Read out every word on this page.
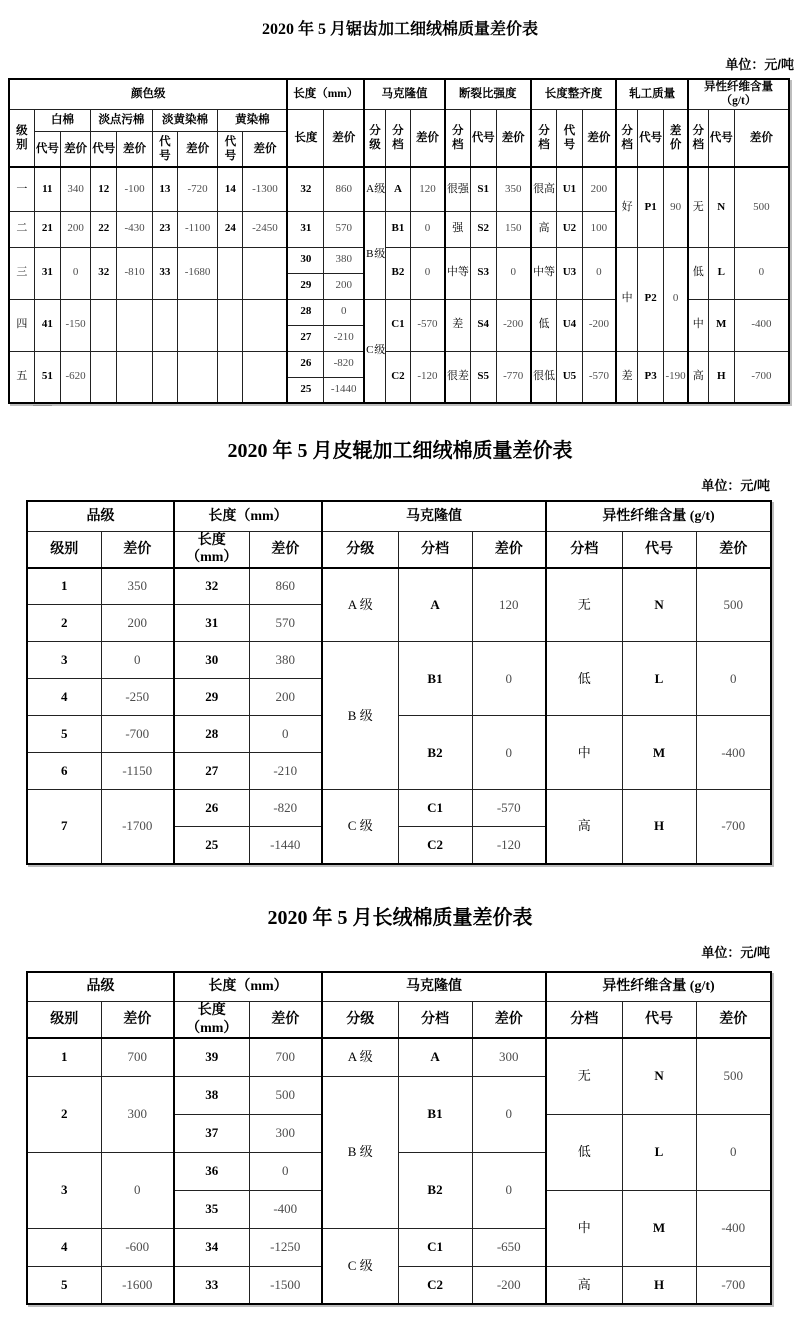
2020 年 5 月锯齿加工细绒棉质量差价表
单位：元/吨
颜色级									长度（mm）		马克隆值			断裂比强度			长度整齐度			轧工质量			异性纤维含量
（g/t）		

级别	白棉		淡点污棉		淡黄染棉		黄染棉		长度	差价	分级	分档	差价	分档	代号	差价	分档	代号	差价	分档	代号	差价	分档	代号	差价
	代号	差价	代号	差价	代号	差价	代号	差价																	
一	11	340	12	-100	13	-720	14	-1300	32	860	A 级	A	120	很强	S1	350	很高	U1	200	好	P1	90	无	N	500
二	21	200	22	-430	23	-1100	24	-2450	31	570	B 级	B1	0	强	S2	150	高	U2	100						
三	31	0	32	-810	33	-1680			30	380		B2	0	中等	S3	0	中等	U3	0	中	P2	0	低	L	0
									29	200															
四	41	-150							28	0	C 级	C1	-570	差	S4	-200	低	U4	-200				中	M	-400
									27	-210															
五	51	-620							26	-820		C2	-120	很差	S5	-770	很低	U5	-570	差	P3	-190	高	H	-700
									25	-1440															
2020 年 5 月皮辊加工细绒棉质量差价表
单位：元/吨
品级		长度（mm）		马克隆值			异性纤维含量 (g/t)		
级别	差价	长度（mm）	差价	分级	分档	差价	分档	代号	差价
1	350	32	860	A 级	A	120	无	N	500
2	200	31	570						
3	0	30	380	B 级	B1	0	低	L	0
4	-250	29	200						
5	-700	28	0		B2	0	中	M	-400
6	-1150	27	-210						
7	-1700	26	-820	C 级	C1	-570	高	H	-700
		25	-1440		C2	-120			
2020 年 5 月长绒棉质量差价表
单位：元/吨
品级		长度（mm）		马克隆值			异性纤维含量 (g/t)		
级别	差价	长度（mm）	差价	分级	分档	差价	分档	代号	差价
1	700	39	700	A 级	A	300	无	N	500
2	300	38	500	B 级	B1	0			
		37	300				低	L	0
3	0	36	0		B2	0			
		35	-400				中	M	-400
4	-600	34	-1250	C 级	C1	-650			
5	-1600	33	-1500		C2	-200	高	H	-700
